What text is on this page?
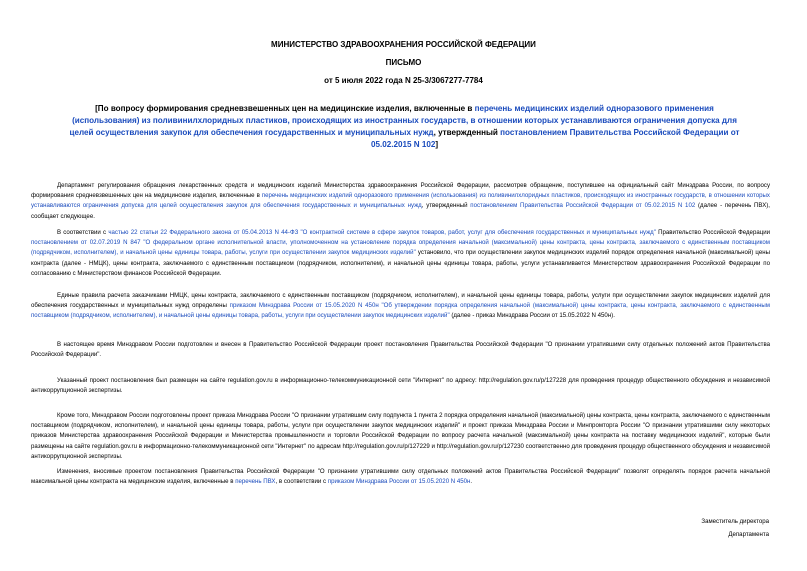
МИНИСТЕРСТВО ЗДРАВООХРАНЕНИЯ РОССИЙСКОЙ ФЕДЕРАЦИИ
ПИСЬМО
от 5 июля 2022 года N 25-3/3067277-7784
[По вопросу формирования средневзвешенных цен на медицинские изделия, включенные в перечень медицинских изделий одноразового применения (использования) из поливинилхлоридных пластиков, происходящих из иностранных государств, в отношении которых устанавливаются ограничения допуска для целей осуществления закупок для обеспечения государственных и муниципальных нужд, утвержденный постановлением Правительства Российской Федерации от 05.02.2015 N 102]

Департамент регулирования обращения лекарственных средств и медицинских изделий Министерства здравоохранения Российской Федерации, рассмотрев обращение, поступившее на официальный сайт Минздрава России, по вопросу формирования средневзвешенных цен на медицинские изделия, включенные в перечень медицинских изделий одноразового применения (использования) из поливинилхлоридных пластиков, происходящих из иностранных государств, в отношении которых устанавливаются ограничения допуска для целей осуществления закупок для обеспечения государственных и муниципальных нужд, утвержденный постановлением Правительства Российской Федерации от 05.02.2015 N 102 (далее - перечень ПВХ), сообщает следующее.

В соответствии с частью 22 статьи 22 Федерального закона от 05.04.2013 N 44-ФЗ "О контрактной системе в сфере закупок товаров, работ, услуг для обеспечения государственных и муниципальных нужд" Правительство Российской Федерации постановлением от 02.07.2019 N 847 "О федеральном органе исполнительной власти, уполномоченном на установление порядка определения начальной (максимальной) цены контракта, цены контракта, заключаемого с единственным поставщиком (подрядчиком, исполнителем), и начальной цены единицы товара, работы, услуги при осуществлении закупок медицинских изделий" установило, что при осуществлении закупок медицинских изделий порядок определения начальной (максимальной) цены контракта (далее - НМЦК), цены контракта, заключаемого с единственным поставщиком (подрядчиком, исполнителем), и начальной цены единицы товара, работы, услуги устанавливается Министерством здравоохранения Российской Федерации по согласованию с Министерством финансов Российской Федерации.

Единые правила расчета заказчиками НМЦК, цены контракта, заключаемого с единственным поставщиком (подрядчиком, исполнителем), и начальной цены единицы товара, работы, услуги при осуществлении закупок медицинских изделий для обеспечения государственных и муниципальных нужд определены приказом Минздрава России от 15.05.2020 N 450н "Об утверждении порядка определения начальной (максимальной) цены контракта, цены контракта, заключаемого с единственным поставщиком (подрядчиком, исполнителем), и начальной цены единицы товара, работы, услуги при осуществлении закупок медицинских изделий" (далее - приказ Минздрава России от 15.05.2022 N 450н).

В настоящее время Минздравом России подготовлен и внесен в Правительство Российской Федерации проект постановления Правительства Российской Федерации "О признании утратившими силу отдельных положений актов Правительства Российской Федерации".

Указанный проект постановления был размещен на сайте regulation.gov.ru в информационно-телекоммуникационной сети "Интернет" по адресу: http://regulation.gov.ru/p/127228 для проведения процедур общественного обсуждения и независимой антикоррупционной экспертизы.

Кроме того, Минздравом России подготовлены проект приказа Минздрава России "О признании утратившим силу подпункта 1 пункта 2 порядка определения начальной (максимальной) цены контракта, цены контракта, заключаемого с единственным поставщиком (подрядчиком, исполнителем), и начальной цены единицы товара, работы, услуги при осуществлении закупок медицинских изделий" и проект приказа Минздрава России и Минпромторга России "О признании утратившими силу некоторых приказов Министерства здравоохранения Российской Федерации и Министерства промышленности и торговли Российской Федерации по вопросу расчета начальной (максимальной) цены контракта на поставку медицинских изделий", которые были размещены на сайте regulation.gov.ru в информационно-телекоммуникационной сети "Интернет" по адресам http://regulation.gov.ru/p/127229 и http://regulation.gov.ru/p/127230 соответственно для проведения процедур общественного обсуждения и независимой антикоррупционной экспертизы.

Изменения, вносимые проектом постановления Правительства Российской Федерации "О признании утратившими силу отдельных положений актов Правительства Российской Федерации" позволят определять порядок расчета начальной максимальной цены контракта на медицинские изделия, включенные в перечень ПВХ, в соответствии с приказом Минздрава России от 15.05.2020 N 450н.

Заместитель директора
Департамента
